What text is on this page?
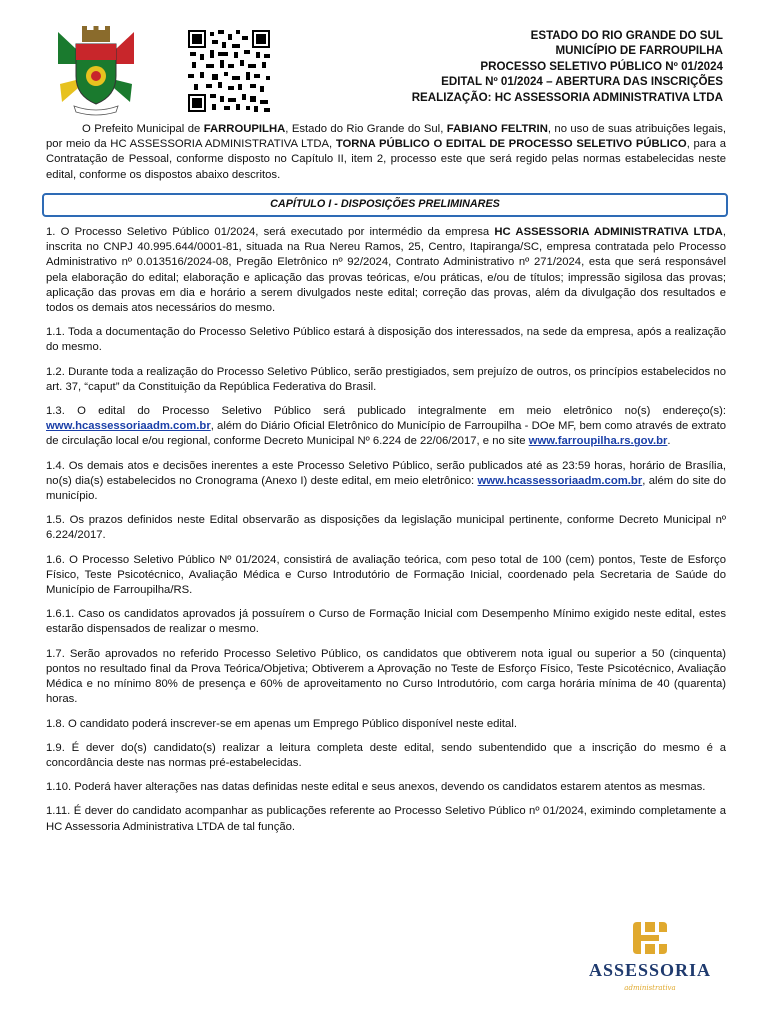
ESTADO DO RIO GRANDE DO SUL
MUNICÍPIO DE FARROUPILHA
PROCESSO SELETIVO PÚBLICO Nº 01/2024
EDITAL Nº 01/2024 – ABERTURA DAS INSCRIÇÕES
REALIZAÇÃO: HC ASSESSORIA ADMINISTRATIVA LTDA

O Prefeito Municipal de FARROUPILHA, Estado do Rio Grande do Sul, FABIANO FELTRIN, no uso de suas atribuições legais, por meio da HC ASSESSORIA ADMINISTRATIVA LTDA, TORNA PÚBLICO O EDITAL DE PROCESSO SELETIVO PÚBLICO, para a Contratação de Pessoal, conforme disposto no Capítulo II, item 2, processo este que será regido pelas normas estabelecidas neste edital, conforme os dispostos abaixo descritos.

CAPÍTULO I - DISPOSIÇÕES PRELIMINARES

1. O Processo Seletivo Público 01/2024, será executado por intermédio da empresa HC ASSESSORIA ADMINISTRATIVA LTDA, inscrita no CNPJ 40.995.644/0001-81, situada na Rua Nereu Ramos, 25, Centro, Itapiranga/SC, empresa contratada pelo Processo Administrativo nº 0.013516/2024-08, Pregão Eletrônico nº 92/2024, Contrato Administrativo nº 271/2024, esta que será responsável pela elaboração do edital; elaboração e aplicação das provas teóricas, e/ou práticas, e/ou de títulos; impressão sigilosa das provas; aplicação das provas em dia e horário a serem divulgados neste edital; correção das provas, além da divulgação dos resultados e todos os demais atos necessários do mesmo.

1.1. Toda a documentação do Processo Seletivo Público estará à disposição dos interessados, na sede da empresa, após a realização do mesmo.

1.2. Durante toda a realização do Processo Seletivo Público, serão prestigiados, sem prejuízo de outros, os princípios estabelecidos no art. 37, “caput” da Constituição da República Federativa do Brasil.

1.3. O edital do Processo Seletivo Público será publicado integralmente em meio eletrônico no(s) endereço(s): www.hcassessoriaadm.com.br, além do Diário Oficial Eletrônico do Município de Farroupilha - DOe MF, bem como através de extrato de circulação local e/ou regional, conforme Decreto Municipal Nº 6.224 de 22/06/2017, e no site www.farroupilha.rs.gov.br.

1.4. Os demais atos e decisões inerentes a este Processo Seletivo Público, serão publicados até as 23:59 horas, horário de Brasília, no(s) dia(s) estabelecidos no Cronograma (Anexo I) deste edital, em meio eletrônico: www.hcassessoriaadm.com.br, além do site do município.

1.5. Os prazos definidos neste Edital observarão as disposições da legislação municipal pertinente, conforme Decreto Municipal nº 6.224/2017.

1.6. O Processo Seletivo Público Nº 01/2024, consistirá de avaliação teórica, com peso total de 100 (cem) pontos, Teste de Esforço Físico, Teste Psicotécnico, Avaliação Médica e Curso Introdutório de Formação Inicial, coordenado pela Secretaria de Saúde do Município de Farroupilha/RS.

1.6.1. Caso os candidatos aprovados já possuírem o Curso de Formação Inicial com Desempenho Mínimo exigido neste edital, estes estarão dispensados de realizar o mesmo.

1.7. Serão aprovados no referido Processo Seletivo Público, os candidatos que obtiverem nota igual ou superior a 50 (cinquenta) pontos no resultado final da Prova Teórica/Objetiva; Obtiverem a Aprovação no Teste de Esforço Físico, Teste Psicotécnico, Avaliação Médica e no mínimo 80% de presença e 60% de aproveitamento no Curso Introdutório, com carga horária mínima de 40 (quarenta) horas.

1.8. O candidato poderá inscrever-se em apenas um Emprego Público disponível neste edital.

1.9. É dever do(s) candidato(s) realizar a leitura completa deste edital, sendo subentendido que a inscrição do mesmo é a concordância deste nas normas pré-estabelecidas.

1.10. Poderá haver alterações nas datas definidas neste edital e seus anexos, devendo os candidatos estarem atentos as mesmas.

1.11. É dever do candidato acompanhar as publicações referente ao Processo Seletivo Público nº 01/2024, eximindo completamente a HC Assessoria Administrativa LTDA de tal função.

ASSESSORIA
administrativa
